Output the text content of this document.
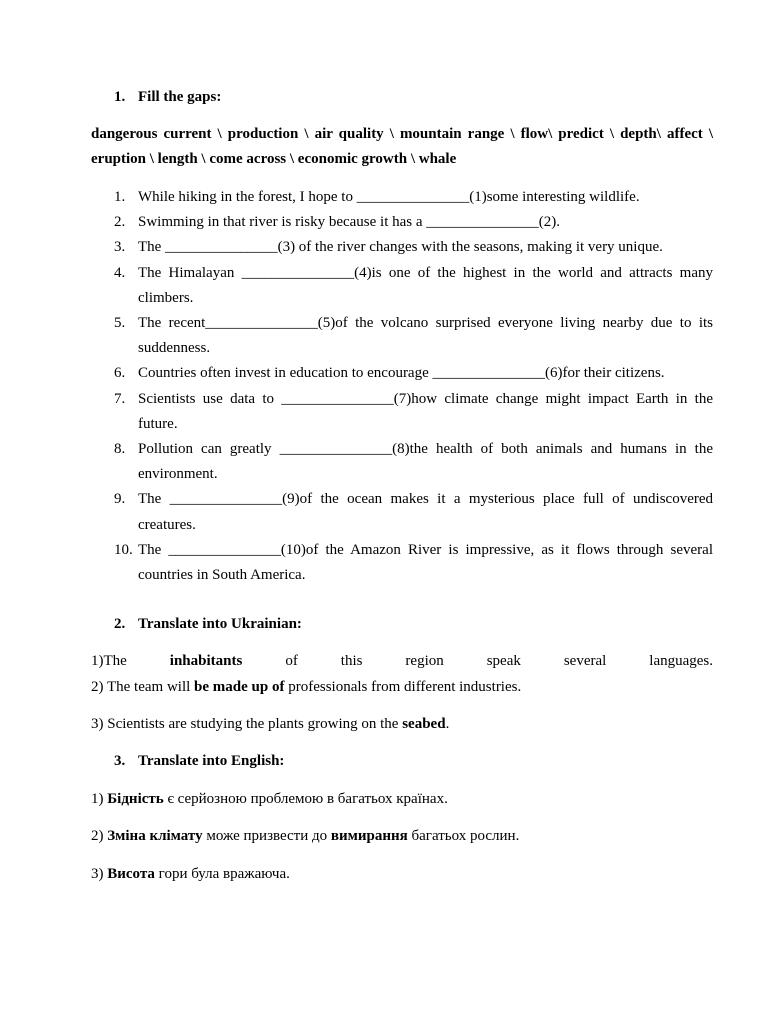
1. Fill the gaps:
dangerous current \ production \ air quality \ mountain range \ flow\ predict \ depth\ affect \ eruption \ length \ come across \ economic growth \ whale
1. While hiking in the forest, I hope to _______________(1)some interesting wildlife.
2. Swimming in that river is risky because it has a _______________(2).
3. The _______________(3) of the river changes with the seasons, making it very unique.
4. The Himalayan _______________(4)is one of the highest in the world and attracts many climbers.
5. The recent_______________(5)of the volcano surprised everyone living nearby due to its suddenness.
6. Countries often invest in education to encourage _______________(6)for their citizens.
7. Scientists use data to _______________(7)how climate change might impact Earth in the future.
8. Pollution can greatly _______________(8)the health of both animals and humans in the environment.
9. The _______________(9)of the ocean makes it a mysterious place full of undiscovered creatures.
10. The _______________(10)of the Amazon River is impressive, as it flows through several countries in South America.
2. Translate into Ukrainian:
1)The inhabitants of this region speak several languages.
2) The team will be made up of professionals from different industries.
3) Scientists are studying the plants growing on the seabed.
3. Translate into English:
1) Бідність є серйозною проблемою в багатьох країнах.
2) Зміна клімату може призвести до вимирання багатьох рослин.
3) Висота гори була вражаюча.
